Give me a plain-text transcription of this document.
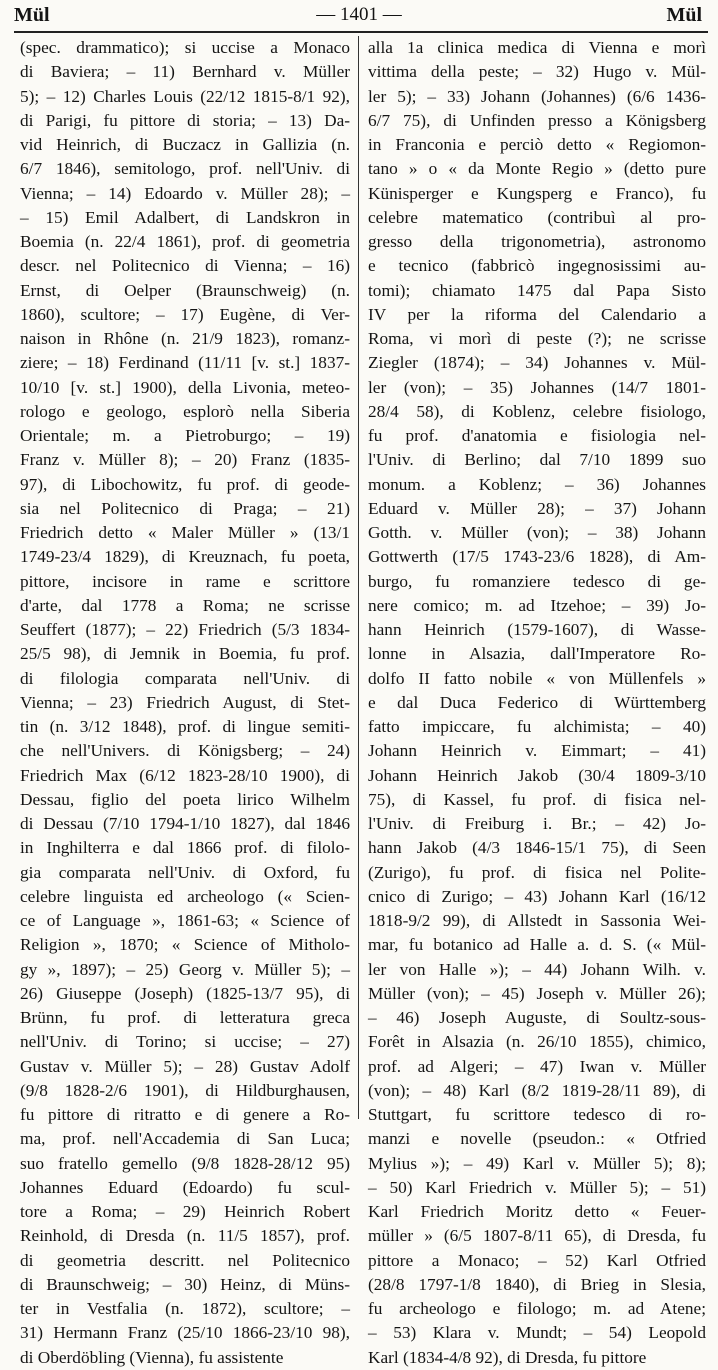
Mül	— 1401 —	Mül
(spec. drammatico); si uccise a Monaco
di Baviera; – 11) Bernhard v. Müller
5); – 12) Charles Louis (22/12 1815-8/1 92),
di Parigi, fu pittore di storia; – 13) Da-
vid Heinrich, di Buczacz in Gallizia (n.
6/7 1846), semitologo, prof. nell'Univ. di
Vienna; – 14) Edoardo v. Müller 28); –
– 15) Emil Adalbert, di Landskron in
Boemia (n. 22/4 1861), prof. di geometria
descr. nel Politecnico di Vienna; – 16)
Ernst, di Oelper (Braunschweig) (n.
1860), scultore; – 17) Eugène, di Ver-
naison in Rhône (n. 21/9 1823), romanz-
ziere; – 18) Ferdinand (11/11 [v. st.] 1837-
10/10 [v. st.] 1900), della Livonia, meteo-
rologo e geologo, esplorò nella Siberia
Orientale; m. a Pietroburgo; – 19)
Franz v. Müller 8); – 20) Franz (1835-
97), di Libochowitz, fu prof. di geode-
sia nel Politecnico di Praga; – 21)
Friedrich detto « Maler Müller » (13/1
1749-23/4 1829), di Kreuznach, fu poeta,
pittore, incisore in rame e scrittore
d'arte, dal 1778 a Roma; ne scrisse
Seuffert (1877); – 22) Friedrich (5/3 1834-
25/5 98), di Jemnik in Boemia, fu prof.
di filologia comparata nell'Univ. di
Vienna; – 23) Friedrich August, di Stet-
tin (n. 3/12 1848), prof. di lingue semiti-
che nell'Univers. di Königsberg; – 24)
Friedrich Max (6/12 1823-28/10 1900), di
Dessau, figlio del poeta lirico Wilhelm
di Dessau (7/10 1794-1/10 1827), dal 1846
in Inghilterra e dal 1866 prof. di filolo-
gia comparata nell'Univ. di Oxford, fu
celebre linguista ed archeologo (« Scien-
ce of Language », 1861-63; « Science of
Religion », 1870; « Science of Mitholo-
gy », 1897); – 25) Georg v. Müller 5); –
26) Giuseppe (Joseph) (1825-13/7 95), di
Brünn, fu prof. di letteratura greca
nell'Univ. di Torino; si uccise; – 27)
Gustav v. Müller 5); – 28) Gustav Adolf
(9/8 1828-2/6 1901), di Hildburghausen,
fu pittore di ritratto e di genere a Ro-
ma, prof. nell'Accademia di San Luca;
suo fratello gemello (9/8 1828-28/12 95)
Johannes Eduard (Edoardo) fu scul-
tore a Roma; – 29) Heinrich Robert
Reinhold, di Dresda (n. 11/5 1857), prof.
di geometria descritt. nel Politecnico
di Braunschweig; – 30) Heinz, di Müns-
ter in Vestfalia (n. 1872), scultore; –
31) Hermann Franz (25/10 1866-23/10 98),
di Oberdöbling (Vienna), fu assistente
alla 1a clinica medica di Vienna e morì
vittima della peste; – 32) Hugo v. Mül-
ler 5); – 33) Johann (Johannes) (6/6 1436-
6/7 75), di Unfinden presso a Königsberg
in Franconia e perciò detto « Regiomon-
tano » o « da Monte Regio » (detto pure
Künisperger e Kungsperg e Franco), fu
celebre matematico (contribuì al pro-
gresso della trigonometria), astronomo
e tecnico (fabbricò ingegnosissimi au-
tomi); chiamato 1475 dal Papa Sisto
IV per la riforma del Calendario a
Roma, vi morì di peste (?); ne scrisse
Ziegler (1874); – 34) Johannes v. Mül-
ler (von); – 35) Johannes (14/7 1801-
28/4 58), di Koblenz, celebre fisiologo,
fu prof. d'anatomia e fisiologia nel-
l'Univ. di Berlino; dal 7/10 1899 suo
monum. a Koblenz; – 36) Johannes
Eduard v. Müller 28); – 37) Johann
Gotth. v. Müller (von); – 38) Johann
Gottwerth (17/5 1743-23/6 1828), di Am-
burgo, fu romanziere tedesco di ge-
nere comico; m. ad Itzehoe; – 39) Jo-
hann Heinrich (1579-1607), di Wasse-
lonne in Alsazia, dall'Imperatore Ro-
dolfo II fatto nobile « von Müllenfels »
e dal Duca Federico di Württemberg
fatto impiccare, fu alchimista; – 40)
Johann Heinrich v. Eimmart; – 41)
Johann Heinrich Jakob (30/4 1809-3/10
75), di Kassel, fu prof. di fisica nel-
l'Univ. di Freiburg i. Br.; – 42) Jo-
hann Jakob (4/3 1846-15/1 75), di Seen
(Zurigo), fu prof. di fisica nel Polite-
cnico di Zurigo; – 43) Johann Karl (16/12
1818-9/2 99), di Allstedt in Sassonia Wei-
mar, fu botanico ad Halle a. d. S. (« Mül-
ler von Halle »); – 44) Johann Wilh. v.
Müller (von); – 45) Joseph v. Müller 26);
– 46) Joseph Auguste, di Soultz-sous-
Forêt in Alsazia (n. 26/10 1855), chimico,
prof. ad Algeri; – 47) Iwan v. Müller
(von); – 48) Karl (8/2 1819-28/11 89), di
Stuttgart, fu scrittore tedesco di ro-
manzi e novelle (pseudon.: « Otfried
Mylius »); – 49) Karl v. Müller 5); 8);
– 50) Karl Friedrich v. Müller 5); – 51)
Karl Friedrich Moritz detto « Feuer-
müller » (6/5 1807-8/11 65), di Dresda, fu
pittore a Monaco; – 52) Karl Otfried
(28/8 1797-1/8 1840), di Brieg in Slesia,
fu archeologo e filologo; m. ad Atene;
– 53) Klara v. Mundt; – 54) Leopold
Karl (1834-4/8 92), di Dresda, fu pittore
